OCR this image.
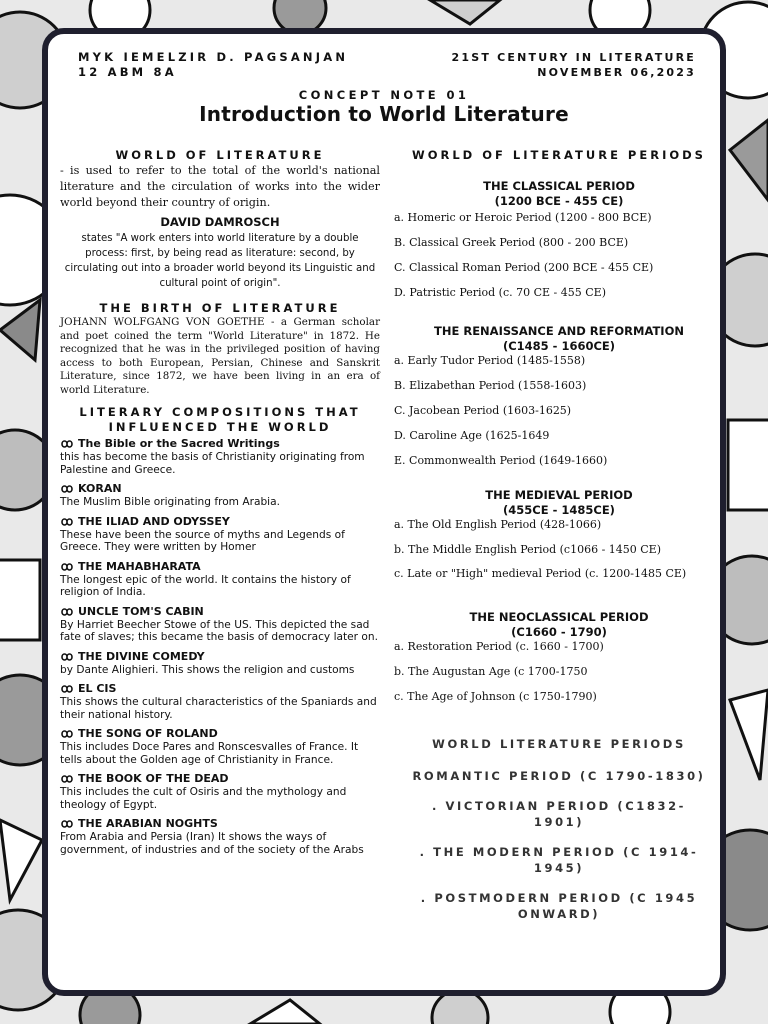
MYK IEMELZIR D. PAGSANJAN
12 ABM 8A
21ST CENTURY IN LITERATURE
NOVEMBER 06,2023
CONCEPT NOTE 01
Introduction to World Literature
WORLD OF LITERATURE
- is used to refer to the total of the world's national literature and the circulation of works into the wider world beyond their country of origin.
DAVID DAMROSCH
states "A work enters into world literature by a double process: first, by being read as literature: second, by circulating out into a broader world beyond its Linguistic and cultural point of origin".
THE BIRTH OF LITERATURE
JOHANN WOLFGANG VON GOETHE - a German scholar and poet coined the term "World Literature" in 1872. He recognized that he was in the privileged position of having access to both European, Persian, Chinese and Sanskrit Literature, since 1872, we have been living in an era of world Literature.
LITERARY COMPOSITIONS THAT INFLUENCED THE WORLD
The Bible or the Sacred Writings
this has become the basis of Christianity originating from Palestine and Greece.
KORAN
The Muslim Bible originating from Arabia.
THE ILIAD AND ODYSSEY
These have been the source of myths and Legends of Greece. They were written by Homer
THE MAHABHARATA
The longest epic of the world. It contains the history of religion of India.
UNCLE TOM'S CABIN
By Harriet Beecher Stowe of the US. This depicted the sad fate of slaves; this became the basis of democracy later on.
THE DIVINE COMEDY
by Dante Alighieri. This shows the religion and customs
EL CIS
This shows the cultural characteristics of the Spaniards and their national history.
THE SONG OF ROLAND
This includes Doce Pares and Ronscesvalles of France. It tells about the Golden age of Christianity in France.
THE BOOK OF THE DEAD
This includes the cult of Osiris and the mythology and theology of Egypt.
THE ARABIAN NOGHTS
From Arabia and Persia (Iran) It shows the ways of government, of industries and of the society of the Arabs
WORLD OF LITERATURE PERIODS
THE CLASSICAL PERIOD
(1200 BCE - 455 CE)
a. Homeric or Heroic Period (1200 - 800 BCE)
B. Classical Greek Period (800 - 200 BCE)
C. Classical Roman Period (200 BCE - 455 CE)
D. Patristic Period (c. 70 CE - 455 CE)
THE RENAISSANCE AND REFORMATION
(C1485 - 1660CE)
a. Early Tudor Period (1485-1558)
B. Elizabethan Period (1558-1603)
C. Jacobean Period (1603-1625)
D. Caroline Age (1625-1649
E. Commonwealth Period (1649-1660)
THE MEDIEVAL PERIOD
(455CE - 1485CE)
a. The Old English Period (428-1066)
b. The Middle English Period (c1066 - 1450 CE)
c. Late or "High" medieval Period (c. 1200-1485 CE)
THE NEOCLASSICAL PERIOD
(C1660 - 1790)
a. Restoration Period (c. 1660 - 1700)
b. The Augustan Age (c 1700-1750
c. The Age of Johnson (c 1750-1790)
WORLD LITERATURE PERIODS
ROMANTIC PERIOD (C 1790-1830)
. VICTORIAN PERIOD (C1832-1901)
. THE MODERN PERIOD (C 1914-1945)
. POSTMODERN PERIOD (C 1945 ONWARD)
